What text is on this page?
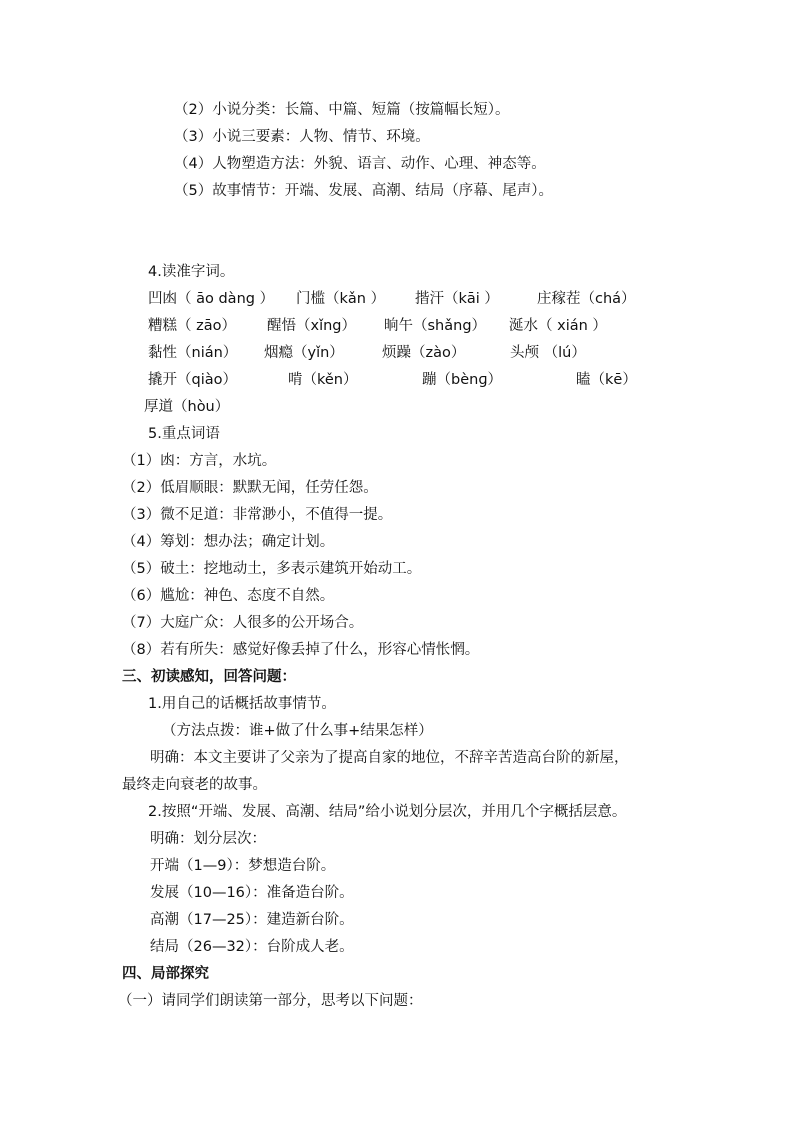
（2）小说分类：长篇、中篇、短篇（按篇幅长短）。
（3）小说三要素：人物、情节、环境。
（4）人物塑造方法：外貌、语言、动作、心理、神态等。
（5）故事情节：开端、发展、高潮、结局（序幕、尾声）。
4.读准字词。
凹凼（ āo dàng ） 门槛（kǎn ） 揩汗（kāi ）	庄稼茬（chá）
糟糕（ zāo） 醒悟（xǐng） 晌午（shǎng） 涎水（ xián ）
黏性（nián） 烟瘾（yǐn）	烦躁（zào）	头颅 （lú）
撬开（qiào）	啃（kěn）	蹦（bènɡ）	瞌（kē）
厚道（hòu）
5.重点词语
（1）凼：方言，水坑。
（2）低眉顺眼：默默无闻，任劳任怨。
（3）微不足道：非常渺小，不值得一提。
（4）筹划：想办法；确定计划。
（5）破土：挖地动土，多表示建筑开始动工。
（6）尴尬：神色、态度不自然。
（7）大庭广众：人很多的公开场合。
（8）若有所失：感觉好像丢掉了什么，形容心情怅惘。
三、初读感知，回答问题：
1.用自己的话概括故事情节。
（方法点拨：谁+做了什么事+结果怎样）
明确：本文主要讲了父亲为了提高自家的地位，不辞辛苦造高台阶的新屋，
最终走向衰老的故事。
2.按照“开端、发展、高潮、结局”给小说划分层次，并用几个字概括层意。
明确：划分层次：
开端（1—9）：梦想造台阶。
发展（10—16）：准备造台阶。
高潮（17—25）：建造新台阶。
结局（26—32）：台阶成人老。
四、局部探究
（一）请同学们朗读第一部分，思考以下问题：
